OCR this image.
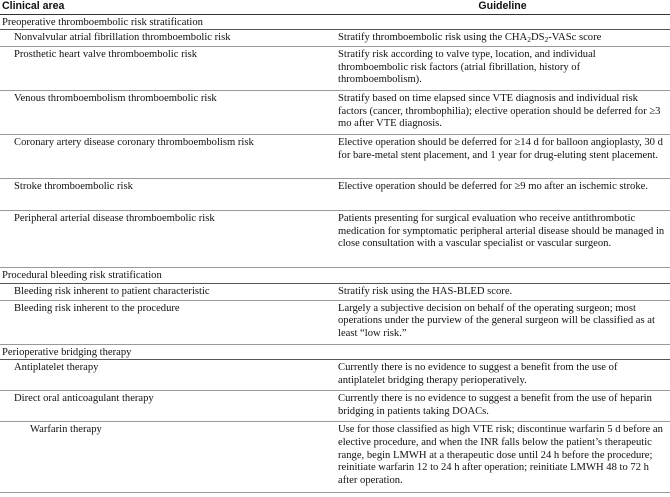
Clinical area	Guideline
Preoperative thromboembolic risk stratification	
Nonvalvular atrial fibrillation thromboembolic risk	Stratify thromboembolic risk using the $CHA_2DS_2$-VASc score
Prosthetic heart valve thromboembolic risk	Stratify risk according to valve type, location, and individual thromboembolic risk factors (atrial fibrillation, history of thromboembolism).
Venous thromboembolism thromboembolic risk	Stratify based on time elapsed since VTE diagnosis and individual risk factors (cancer, thrombophilia); elective operation should be deferred for ≥3 mo after VTE diagnosis.
Coronary artery disease coronary thromboembolism risk	Elective operation should be deferred for ≥14 d for balloon angioplasty, 30 d for bare-metal stent placement, and 1 year for drug-eluting stent placement.
Stroke thromboembolic risk	Elective operation should be deferred for ≥9 mo after an ischemic stroke.
Peripheral arterial disease thromboembolic risk	Patients presenting for surgical evaluation who receive antithrombotic medication for symptomatic peripheral arterial disease should be managed in close consultation with a vascular specialist or vascular surgeon.
Procedural bleeding risk stratification	
Bleeding risk inherent to patient characteristic	Stratify risk using the HAS-BLED score.
Bleeding risk inherent to the procedure	Largely a subjective decision on behalf of the operating surgeon; most operations under the purview of the general surgeon will be classified as at least “low risk.”
Perioperative bridging therapy	
Antiplatelet therapy	Currently there is no evidence to suggest a benefit from the use of antiplatelet bridging therapy perioperatively.
Direct oral anticoagulant therapy	Currently there is no evidence to suggest a benefit from the use of heparin bridging in patients taking DOACs.
Warfarin therapy	Use for those classified as high VTE risk; discontinue warfarin 5 d before an elective procedure, and when the INR falls below the patient’s therapeutic range, begin LMWH at a therapeutic dose until 24 h before the procedure; reinitiate warfarin 12 to 24 h after operation; reinitiate LMWH 48 to 72 h after operation.
